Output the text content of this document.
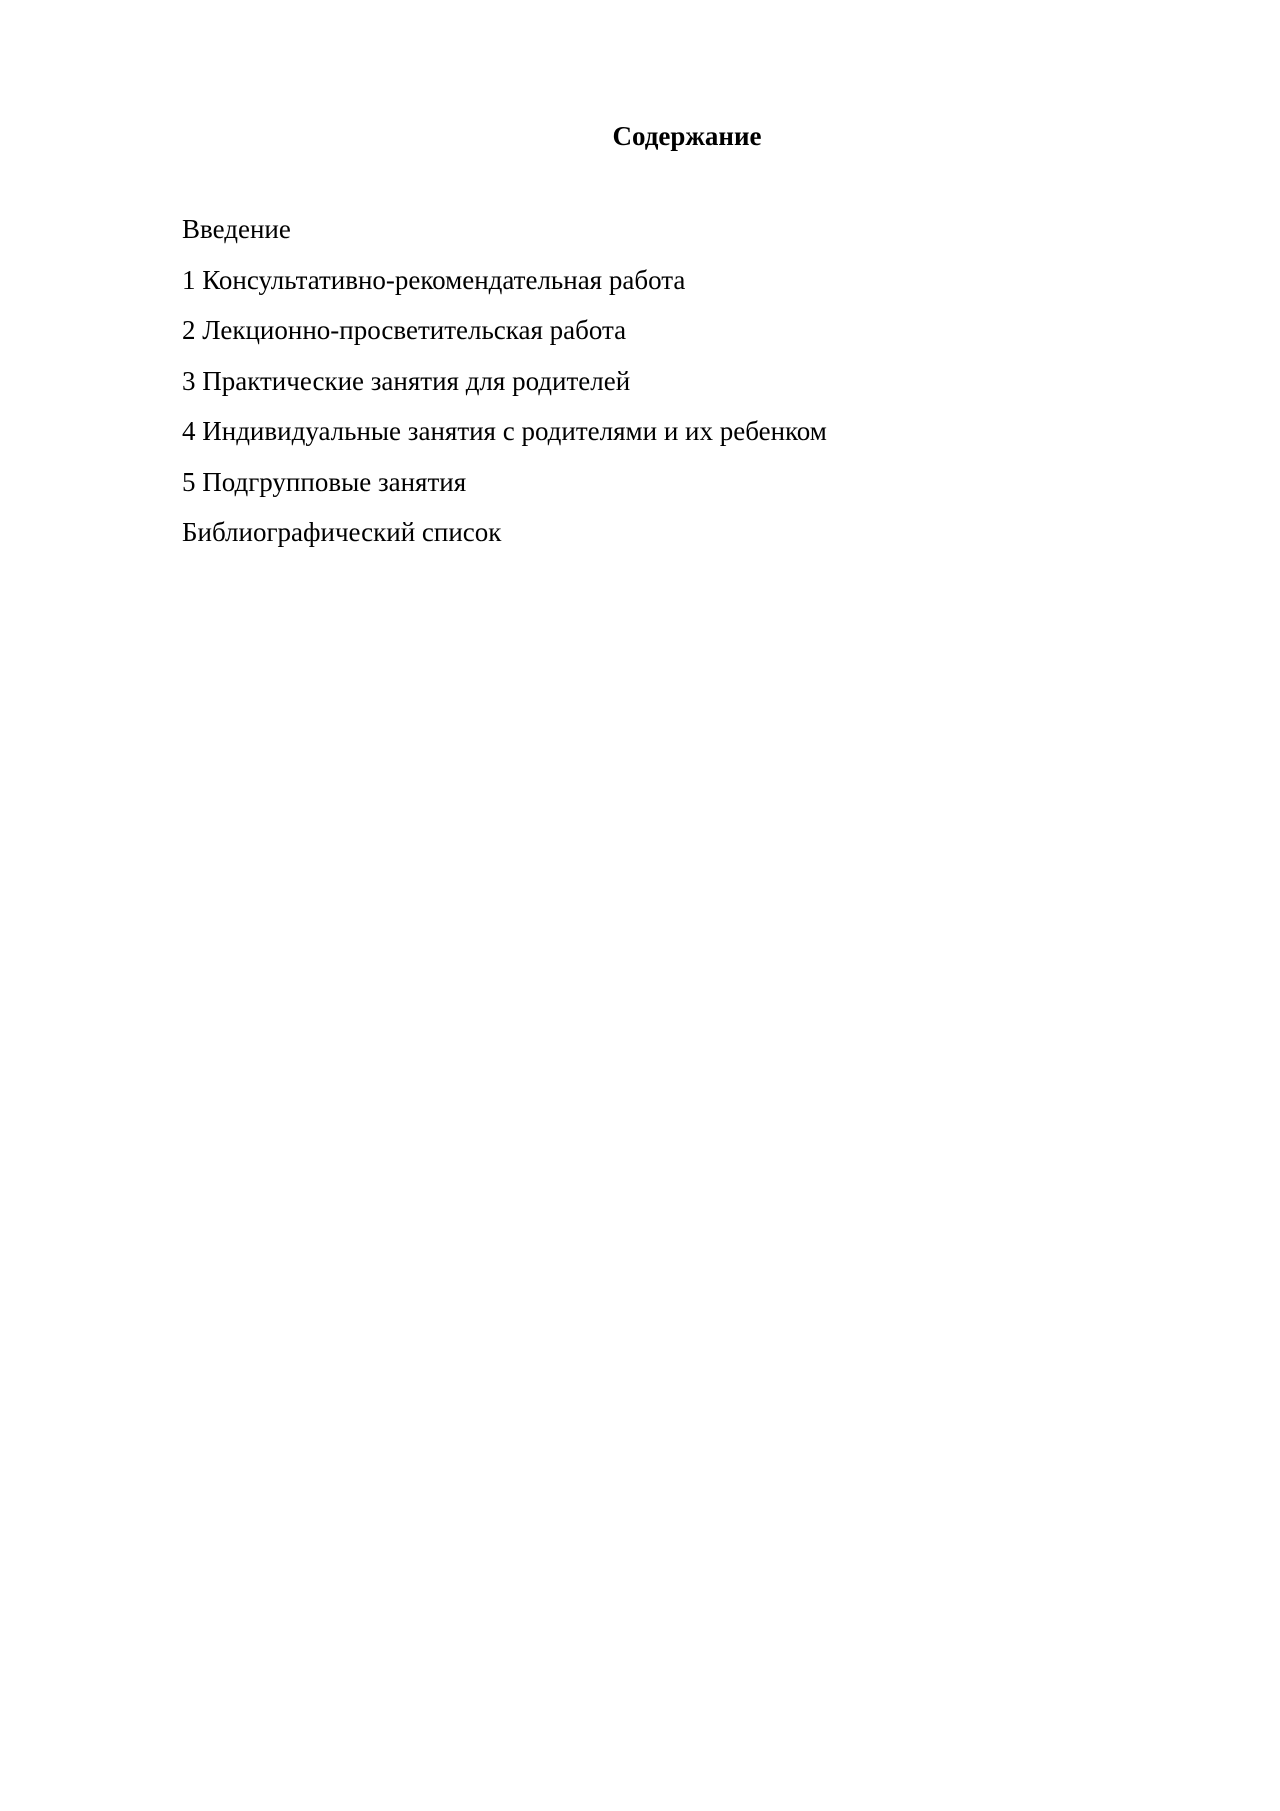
Содержание
Введение
1 Консультативно-рекомендательная работа
2 Лекционно-просветительская работа
3 Практические занятия для родителей
4 Индивидуальные занятия с родителями и их ребенком
5 Подгрупповые занятия
Библиографический список
